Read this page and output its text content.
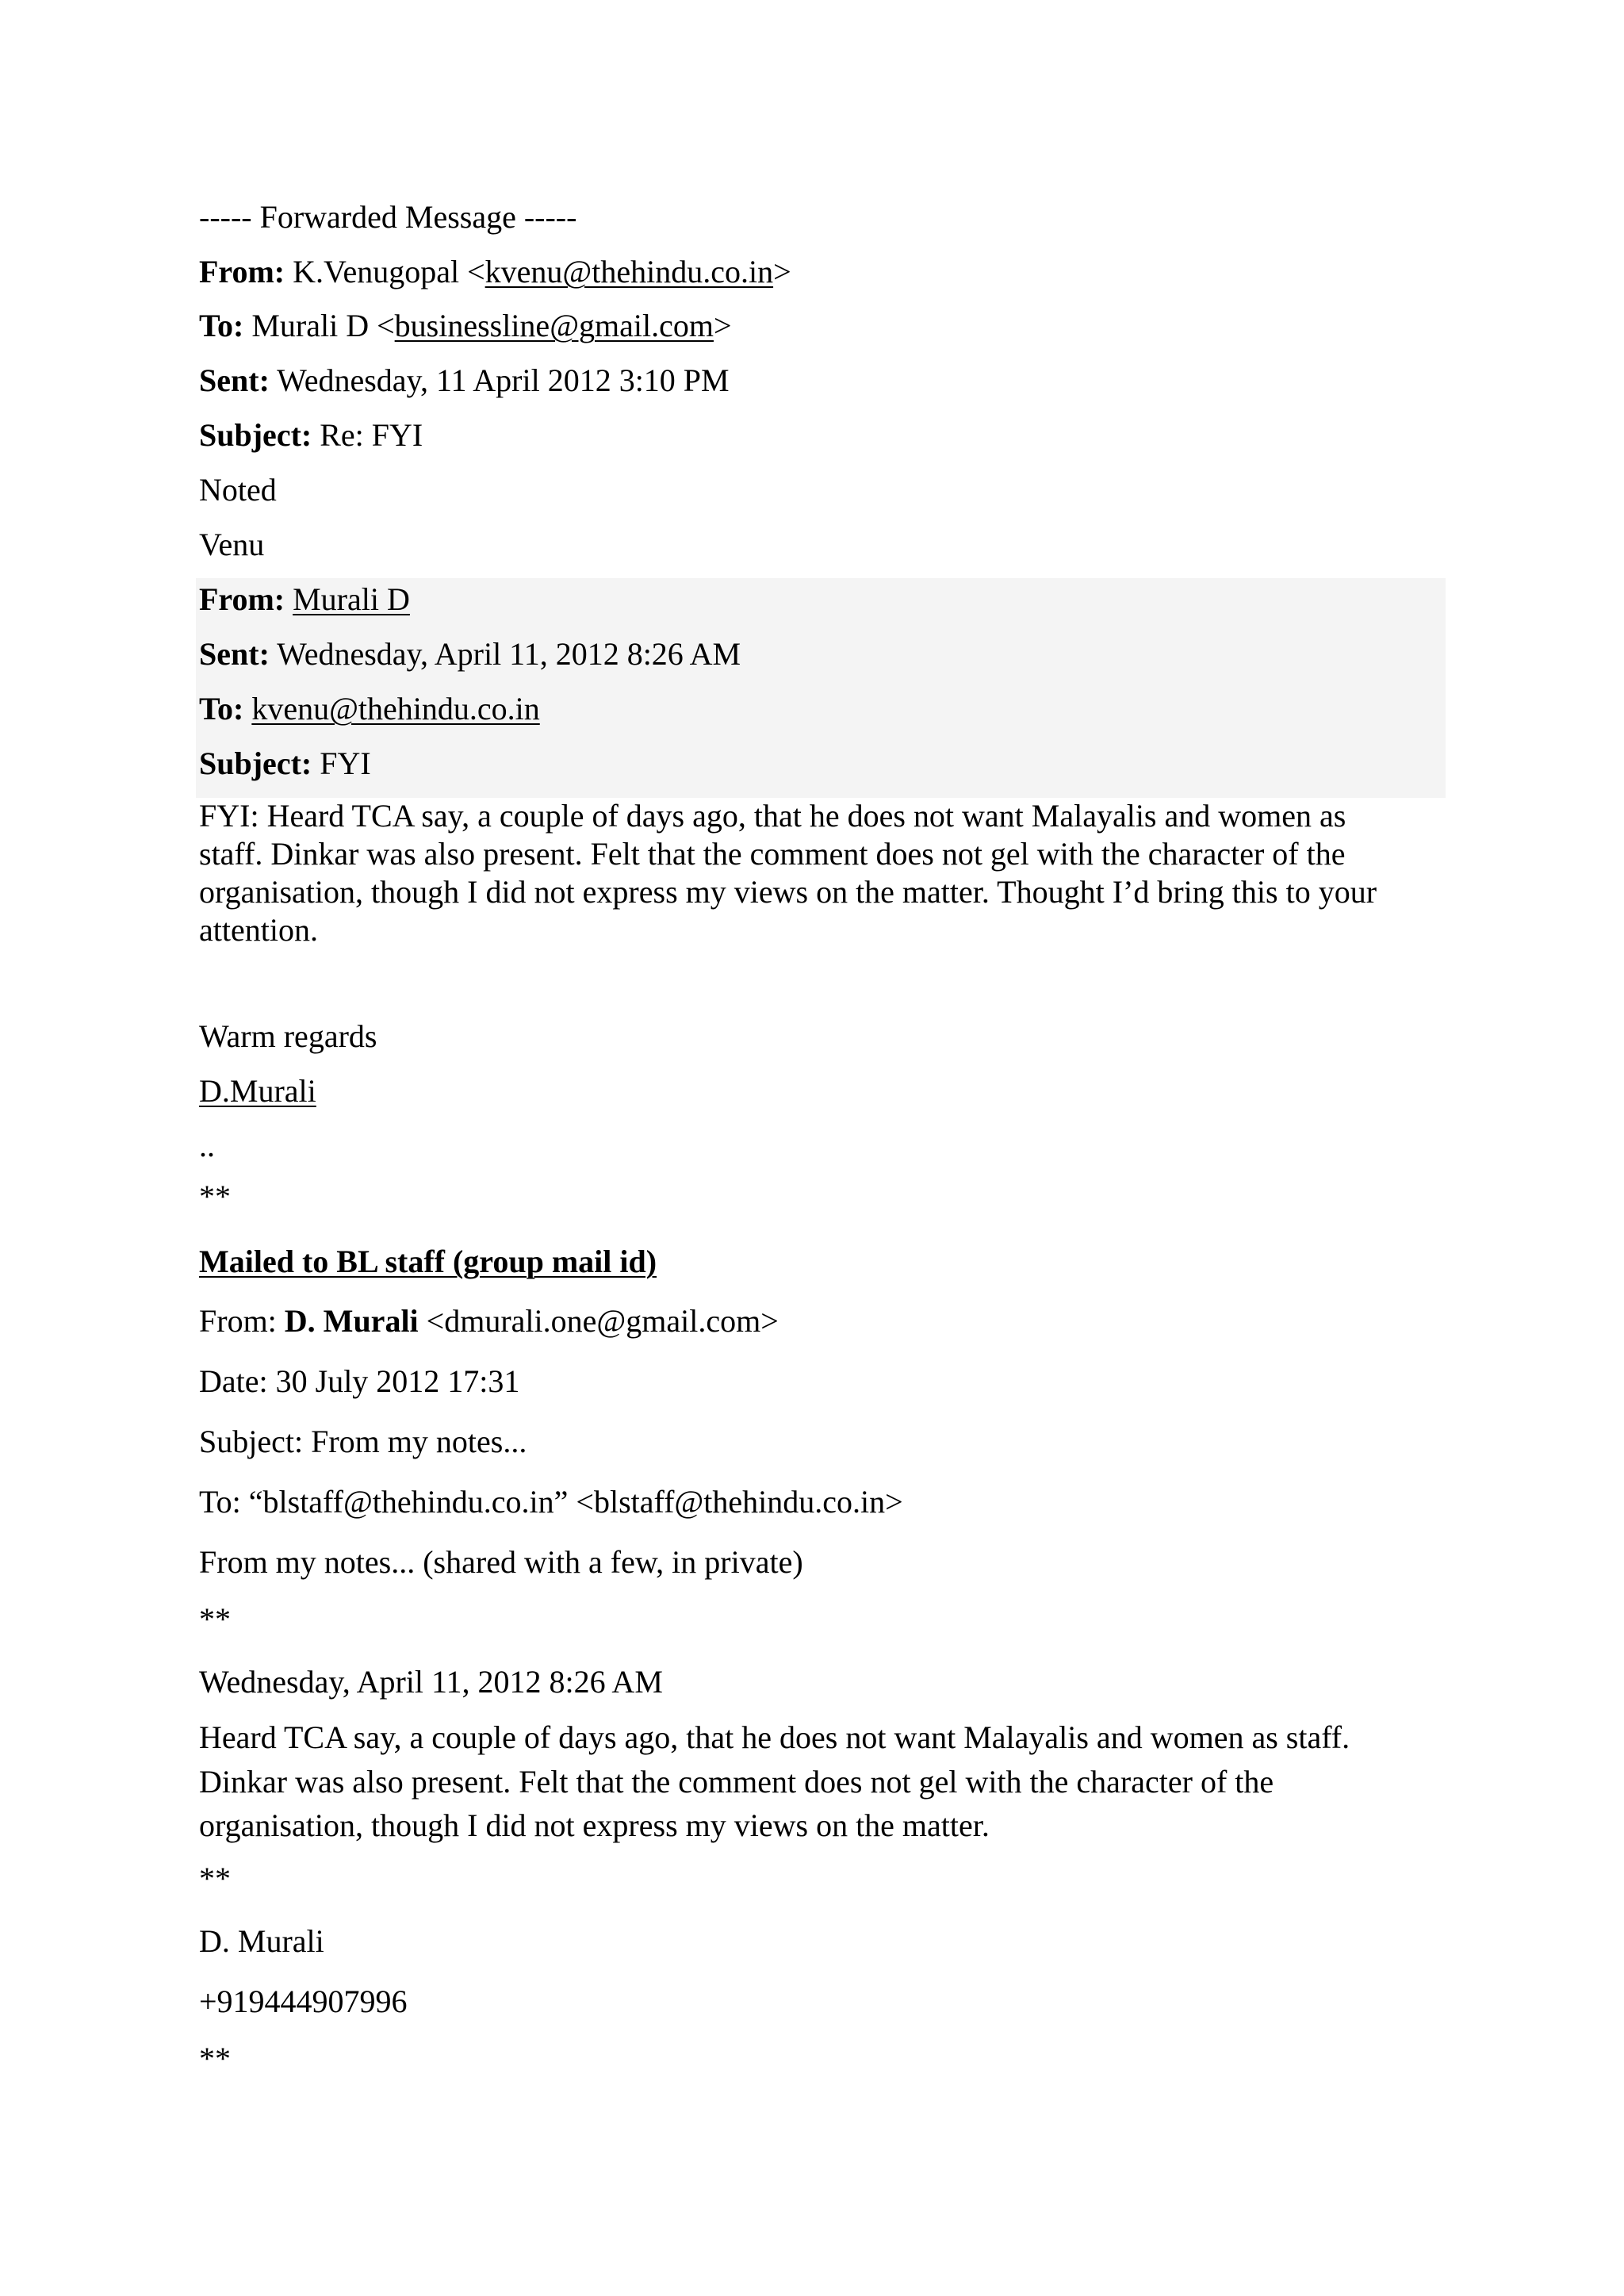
----- Forwarded Message -----
From: K.Venugopal <kvenu@thehindu.co.in>
To: Murali D <businessline@gmail.com>
Sent: Wednesday, 11 April 2012 3:10 PM
Subject: Re: FYI
Noted
Venu
From: Murali D
Sent: Wednesday, April 11, 2012 8:26 AM
To: kvenu@thehindu.co.in
Subject: FYI
FYI: Heard TCA say, a couple of days ago, that he does not want Malayalis and women as
staff. Dinkar was also present. Felt that the comment does not gel with the character of the
organisation, though I did not express my views on the matter. Thought I’d bring this to your
attention.
Warm regards
D.Murali
..
**
Mailed to BL staff (group mail id)
From: D. Murali <dmurali.one@gmail.com>
Date: 30 July 2012 17:31
Subject: From my notes...
To: “blstaff@thehindu.co.in” <blstaff@thehindu.co.in>
From my notes... (shared with a few, in private)
**
Wednesday, April 11, 2012 8:26 AM
Heard TCA say, a couple of days ago, that he does not want Malayalis and women as staff.
Dinkar was also present. Felt that the comment does not gel with the character of the
organisation, though I did not express my views on the matter.
**
D. Murali
+919444907996
**
